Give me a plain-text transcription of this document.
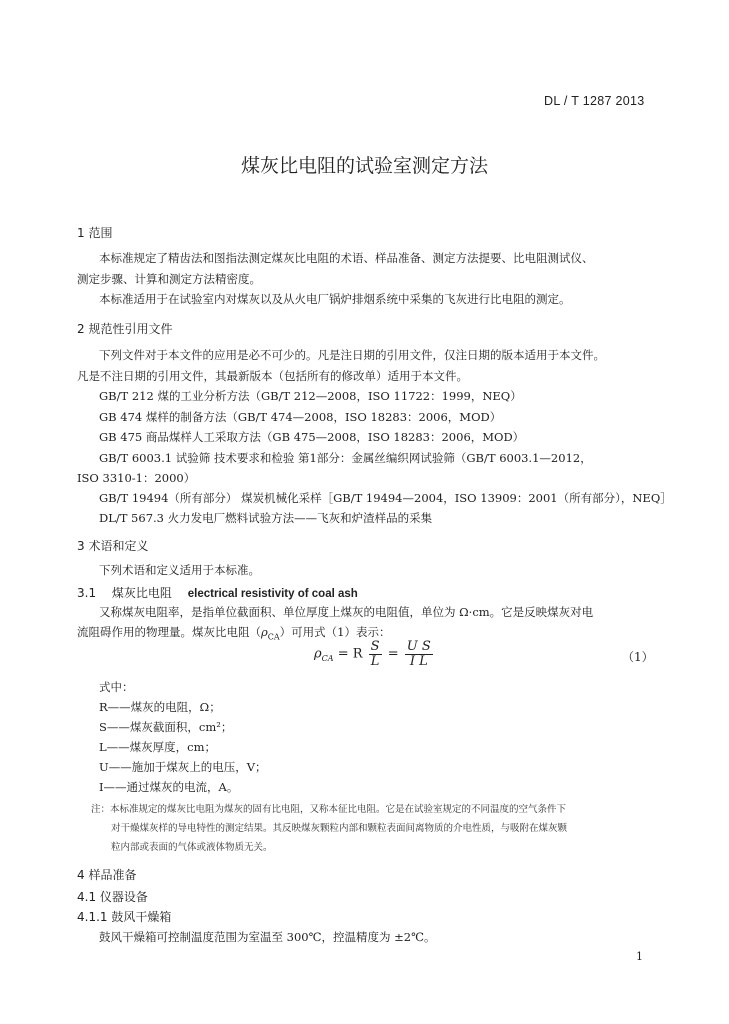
DL / T 1287 2013
煤灰比电阻的试验室测定方法
1 范围
本标准规定了精齿法和图指法测定煤灰比电阻的术语、样品准备、测定方法提要、比电阻测试仪、
测定步骤、计算和测定方法精密度。
本标准适用于在试验室内对煤灰以及从火电厂锅炉排烟系统中采集的飞灰进行比电阻的测定。
2 规范性引用文件
下列文件对于本文件的应用是必不可少的。凡是注日期的引用文件，仅注日期的版本适用于本文件。
凡是不注日期的引用文件，其最新版本（包括所有的修改单）适用于本文件。
GB/T 212 煤的工业分析方法（GB/T 212—2008，ISO 11722：1999，NEQ）
GB 474 煤样的制备方法（GB/T 474—2008，ISO 18283：2006，MOD）
GB 475 商品煤样人工采取方法（GB 475—2008，ISO 18283：2006，MOD）
GB/T 6003.1 试验筛 技术要求和检验 第1部分：金属丝编织网试验筛（GB/T 6003.1—2012，
ISO 3310-1：2000）
GB/T 19494（所有部分） 煤炭机械化采样［GB/T 19494—2004，ISO 13909：2001（所有部分），NEQ］
DL/T 567.3 火力发电厂燃料试验方法——飞灰和炉渣样品的采集
3 术语和定义
下列术语和定义适用于本标准。
3.1 煤灰比电阻 electrical resistivity of coal ash
又称煤灰电阻率，是指单位截面积、单位厚度上煤灰的电阻值，单位为 Ω·cm。它是反映煤灰对电
流阻碍作用的物理量。煤灰比电阻$(\rho_{CA})$可用式（1）表示：
$\rho_{CA} = R \frac{S}{L} = \frac{\text{U S}}{\text{I L}}$	（1）
式中：
R——煤灰的电阻，Ω；
S——煤灰截面积，cm²；
L——煤灰厚度，cm；
U——施加于煤灰上的电压，V；
I——通过煤灰的电流，A。
注：本标准规定的煤灰比电阻为煤灰的固有比电阻，又称本征比电阻。它是在试验室规定的不同温度的空气条件下
对干燥煤灰样的导电特性的测定结果。其反映煤灰颗粒内部和颗粒表面间离物质的介电性质，与吸附在煤灰颗
粒内部或表面的气体或液体物质无关。
4 样品准备
4.1 仪器设备
4.1.1 鼓风干燥箱
鼓风干燥箱可控制温度范围为室温至 300℃，控温精度为 ±2℃。
1
